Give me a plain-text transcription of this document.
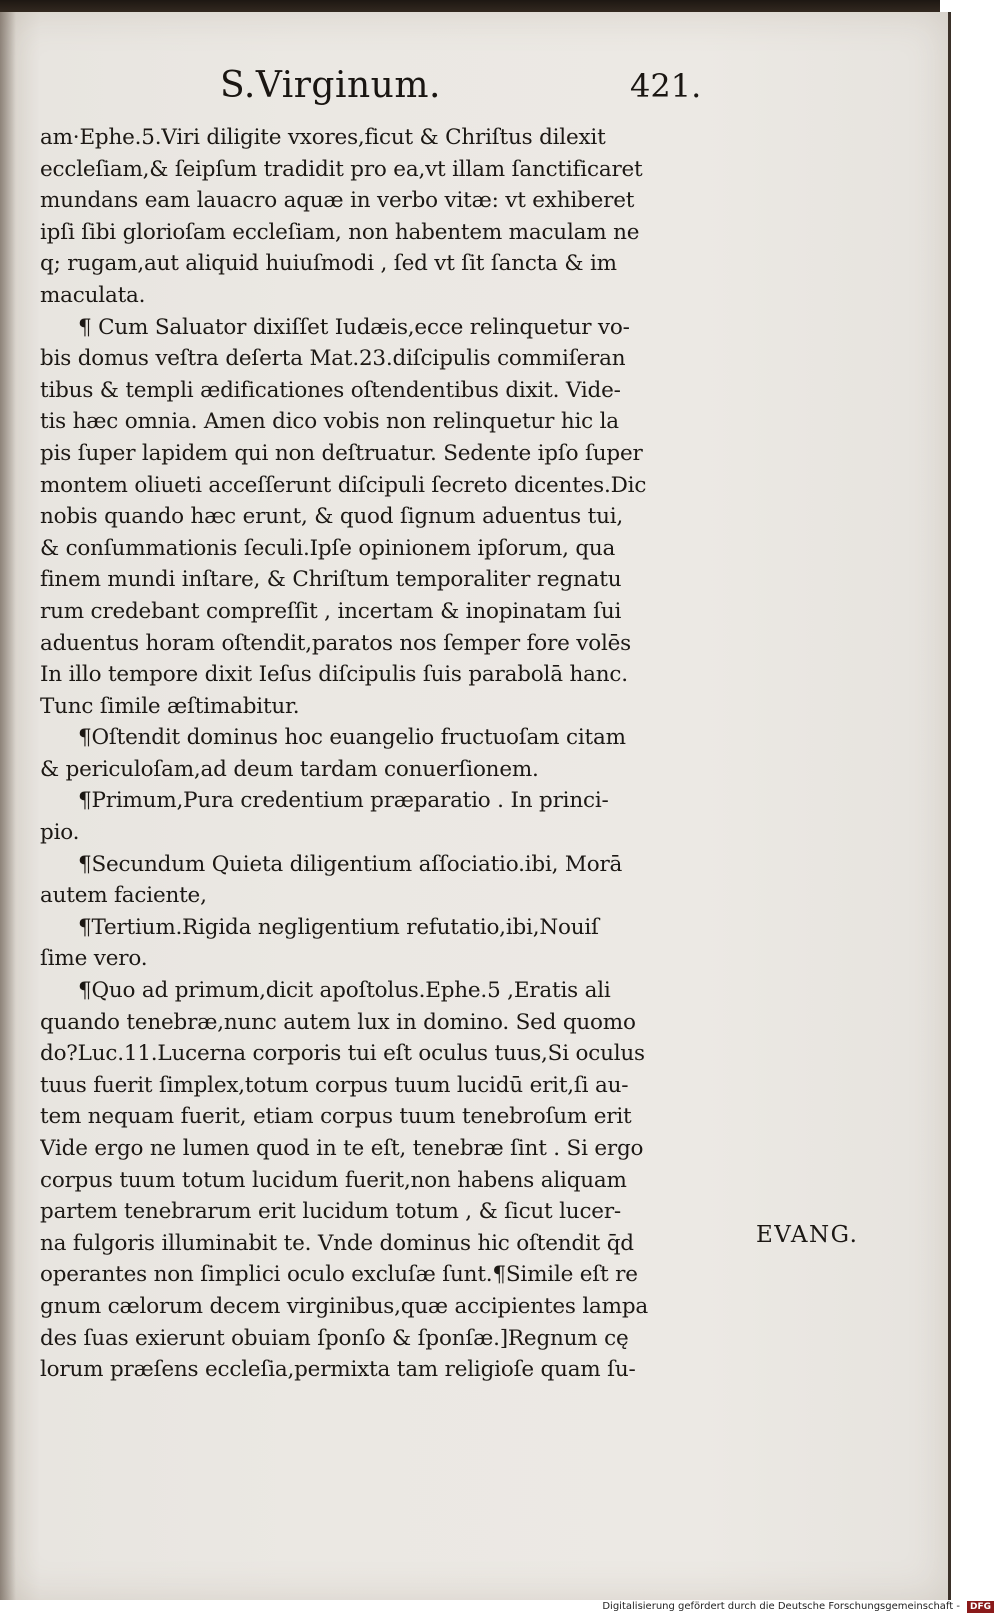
S.Virginum.	421.
am·Ephe.5.Viri diligite vxores,ficut & Chriſtus dilexit
eccleſiam,& ſeipſum tradidit pro ea,vt illam ſanctificaret
mundans eam lauacro aquæ in verbo vitæ: vt exhiberet
ipſi ſibi glorioſam eccleſiam, non habentem maculam ne
q; rugam,aut aliquid huiuſmodi , ſed vt ſit ſancta & im
maculata.
¶ Cum Saluator dixiſſet Iudæis,ecce relinquetur vo-
bis domus veſtra deſerta Mat.23.diſcipulis commiſeran
tibus & templi ædificationes oſtendentibus dixit. Vide-
tis hæc omnia. Amen dico vobis non relinquetur hic la
pis ſuper lapidem qui non deſtruatur. Sedente ipſo ſuper
montem oliueti acceſſerunt diſcipuli ſecreto dicentes.Dic
nobis quando hæc erunt, & quod ſignum aduentus tui,
& conſummationis ſeculi.Ipſe opinionem ipſorum, qua
finem mundi inſtare, & Chriſtum temporaliter regnatu
rum credebant compreſſit , incertam & inopinatam ſui
aduentus horam oſtendit,paratos nos ſemper fore volēs
In illo tempore dixit Ieſus diſcipulis ſuis parabolā hanc.
Tunc ſimile æſtimabitur.
¶Oſtendit dominus hoc euangelio fructuoſam citam
& periculoſam,ad deum tardam conuerſionem.
¶Primum,Pura credentium præparatio . In princi-
pio.
¶Secundum Quieta diligentium aſſociatio.ibi, Morā
autem faciente,
¶Tertium.Rigida negligentium refutatio,ibi,Nouiſ
ſime vero.
¶Quo ad primum,dicit apoſtolus.Ephe.5 ,Eratis ali
quando tenebræ,nunc autem lux in domino. Sed quomo
do?Luc.11.Lucerna corporis tui eſt oculus tuus,Si oculus
tuus fuerit ſimplex,totum corpus tuum lucidū erit,ſi au-
tem nequam fuerit, etiam corpus tuum tenebroſum erit
Vide ergo ne lumen quod in te eſt, tenebræ ſint . Si ergo
corpus tuum totum lucidum fuerit,non habens aliquam
partem tenebrarum erit lucidum totum , & ſicut lucer-
na fulgoris illuminabit te. Vnde dominus hic oſtendit q̄d
operantes non ſimplici oculo excluſæ ſunt.¶Simile eſt re
gnum cælorum decem virginibus,quæ accipientes lampa
des ſuas exierunt obuiam ſponſo & ſponſæ.]Regnum cę
lorum præſens eccleſia,permixta tam religioſe quam ſu-
EVANG.
Digitalisierung gefördert durch die Deutsche Forschungsgemeinschaft -	DFG
